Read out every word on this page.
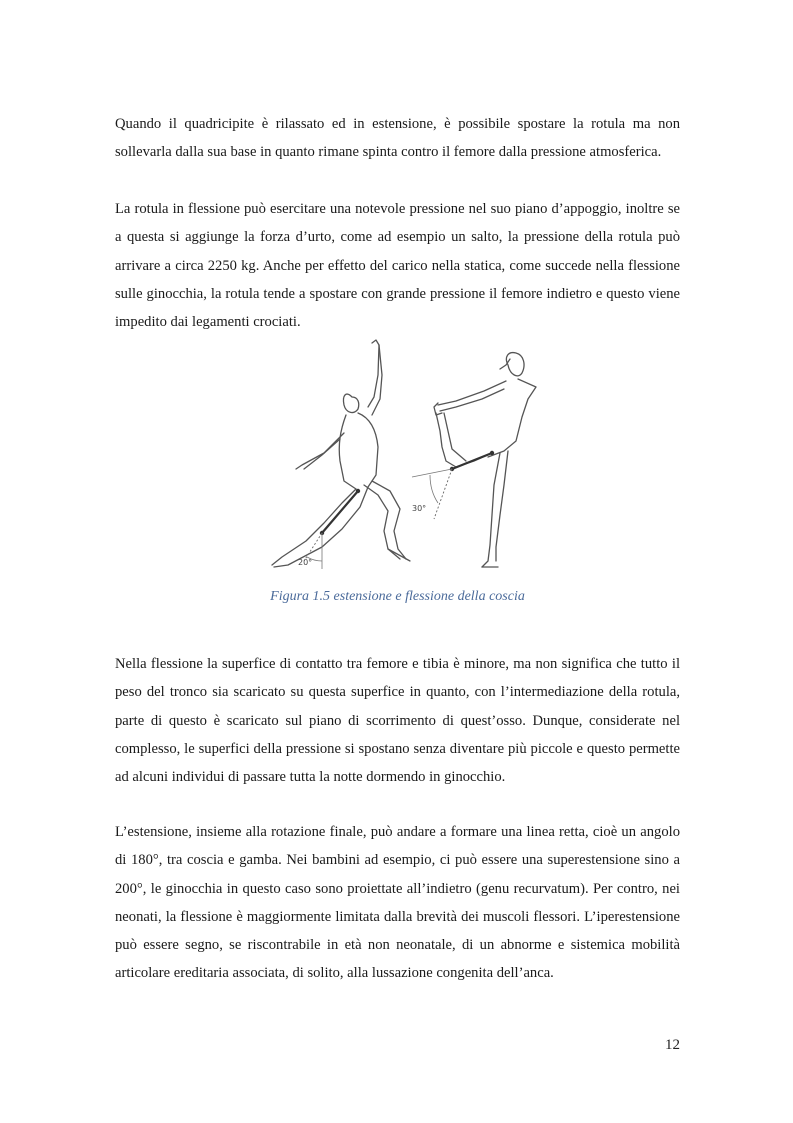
Quando il quadricipite è rilassato ed in estensione, è possibile spostare la rotula ma non sollevarla dalla sua base in quanto rimane spinta contro il femore dalla pressione atmosferica.

La rotula in flessione può esercitare una notevole pressione nel suo piano d’appoggio, inoltre se a questa si aggiunge la forza d’urto, come ad esempio un salto, la pressione della rotula può arrivare a circa 2250 kg. Anche per effetto del carico nella statica, come succede nella flessione sulle ginocchia, la rotula tende a spostare con grande pressione il femore indietro e questo viene impedito dai legamenti crociati.

20°
30°
Figura 1.5 estensione e flessione della coscia

Nella flessione la superfice di contatto tra femore e tibia è minore, ma non significa che tutto il peso del tronco sia scaricato su questa superfice in quanto, con l’intermediazione della rotula, parte di questo è scaricato sul piano di scorrimento di quest’osso. Dunque, considerate nel complesso, le superfici della pressione si spostano senza diventare più piccole e questo permette ad alcuni individui di passare tutta la notte dormendo in ginocchio.

L’estensione, insieme alla rotazione finale, può andare a formare una linea retta, cioè un angolo di 180°, tra coscia e gamba. Nei bambini ad esempio, ci può essere una superestensione sino a 200°, le ginocchia in questo caso sono proiettate all’indietro (genu recurvatum). Per contro, nei neonati, la flessione è maggiormente limitata dalla brevità dei muscoli flessori. L’iperestensione può essere segno, se riscontrabile in età non neonatale, di un abnorme e sistemica mobilità articolare ereditaria associata, di solito, alla lussazione congenita dell’anca.

12
